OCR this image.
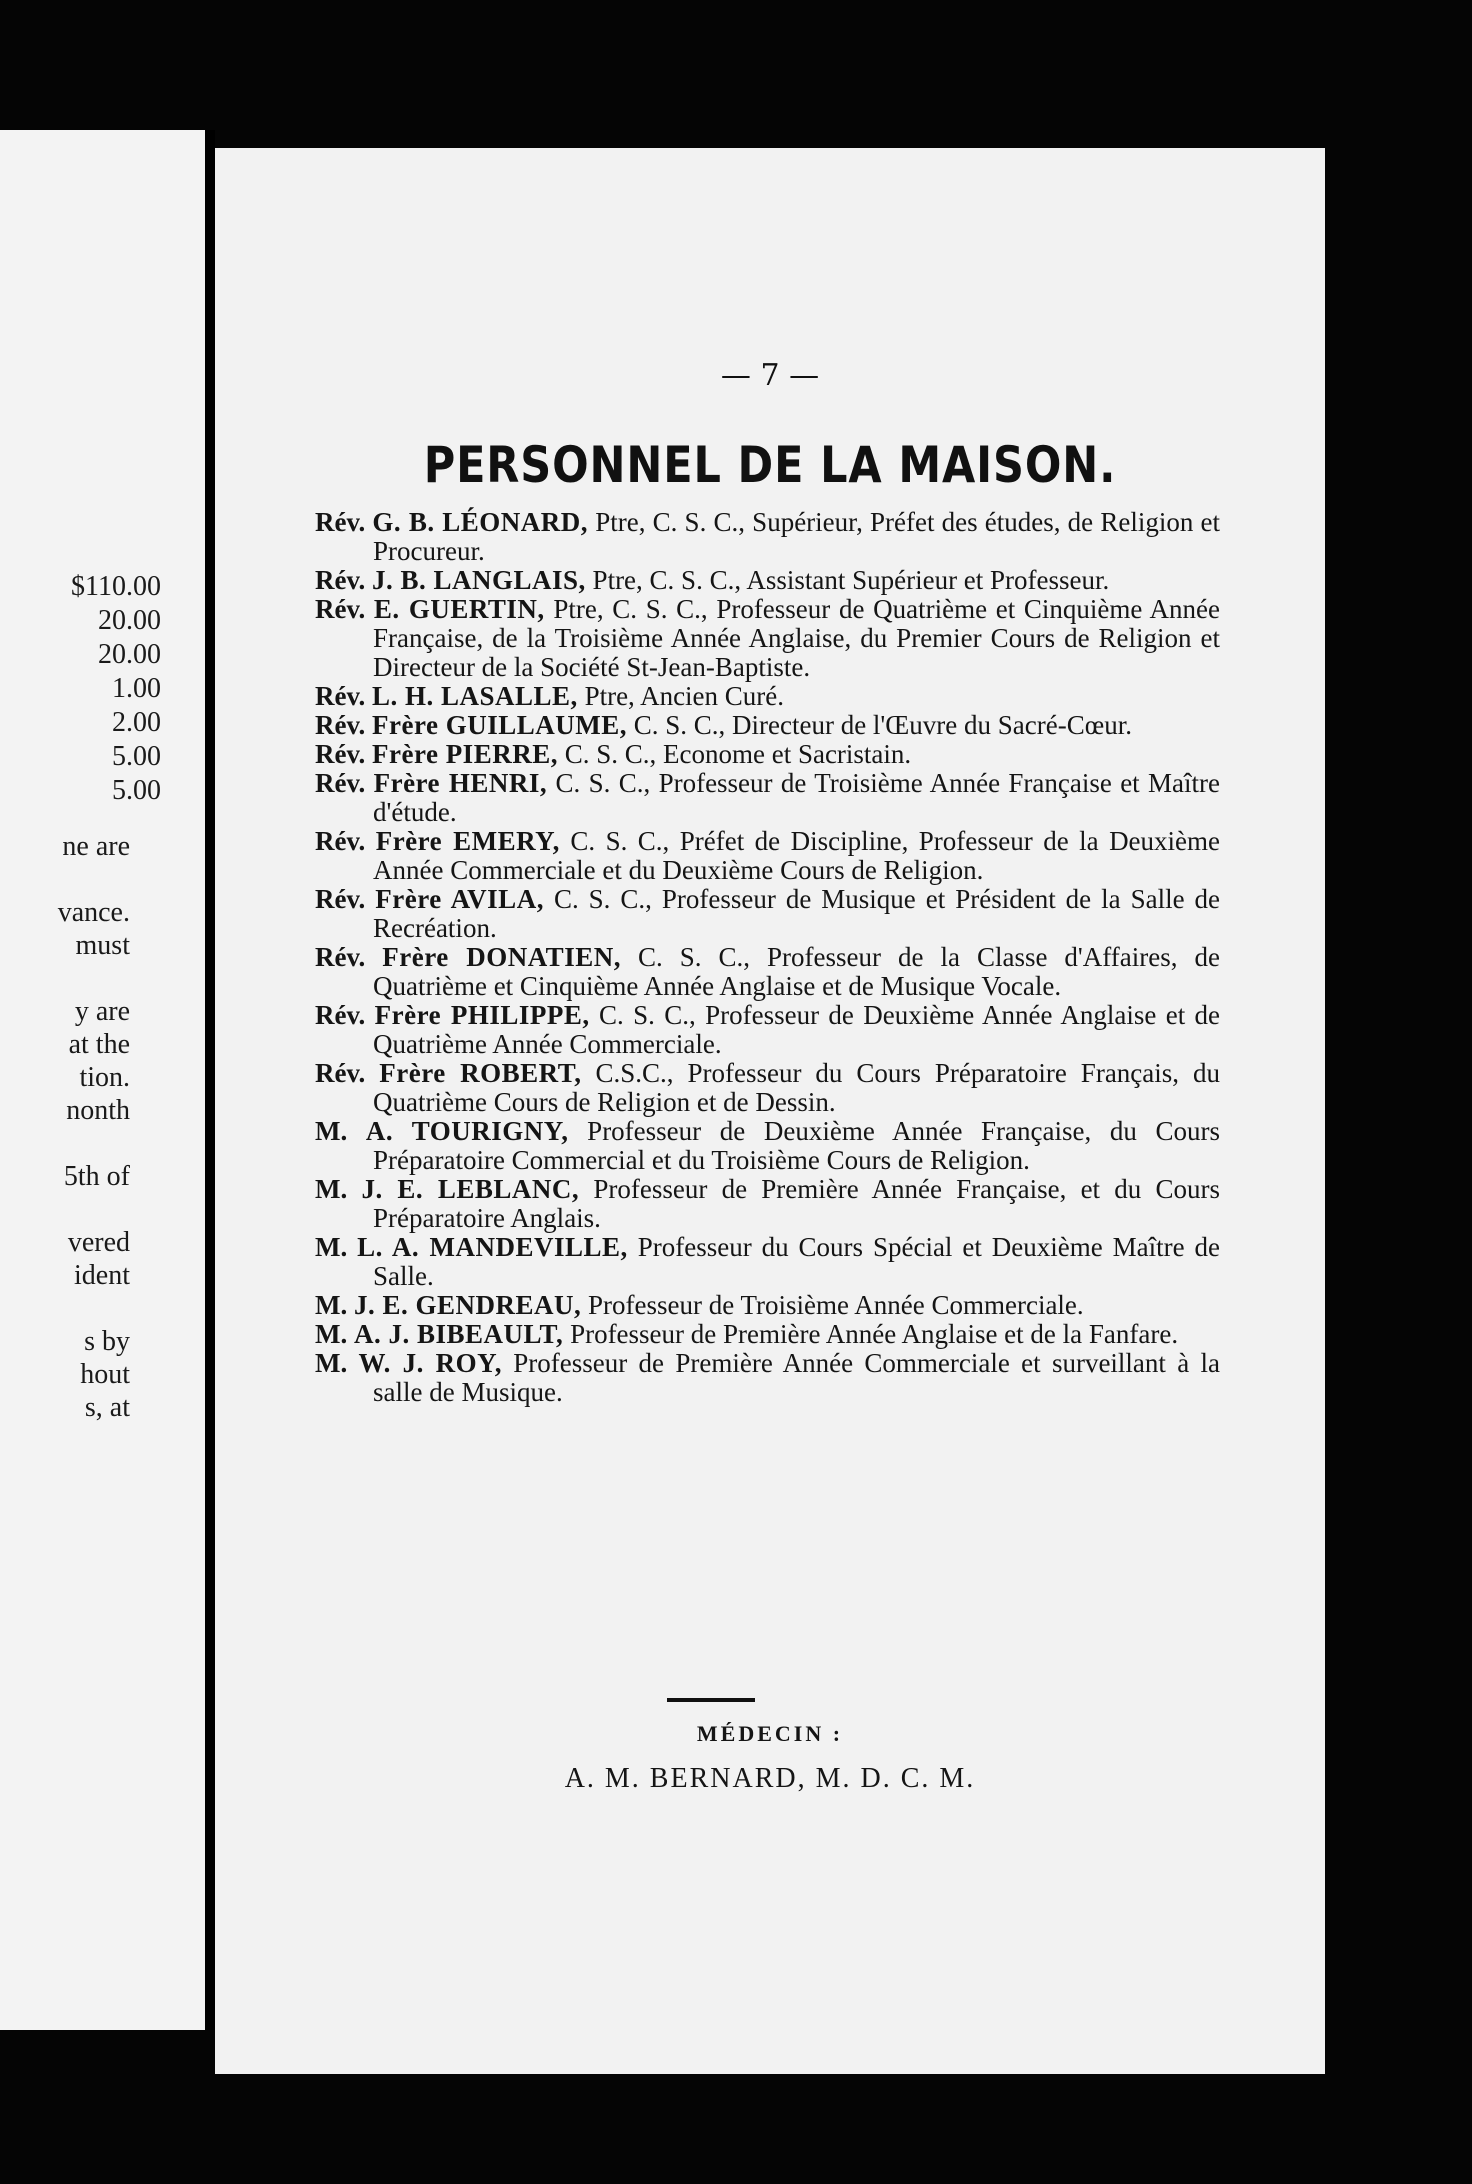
$110.00
20.00
20.00
1.00
2.00
5.00
5.00
ne are

vance.
must

y are
at the
tion.
nonth

5th of

vered
ident

s by
hout
s, at
— 7 —
PERSONNEL DE LA MAISON.
Rév. G. B. LÉONARD, Ptre, C. S. C., Supérieur, Préfet des études, de Religion et Procureur.
Rév. J. B. LANGLAIS, Ptre, C. S. C., Assistant Supérieur et Professeur.
Rév. E. GUERTIN, Ptre, C. S. C., Professeur de Quatrième et Cinquième Année Française, de la Troisième Année Anglaise, du Premier Cours de Religion et Directeur de la Société St-Jean-Baptiste.
Rév. L. H. LASALLE, Ptre, Ancien Curé.
Rév. Frère GUILLAUME, C. S. C., Directeur de l'Œuvre du Sacré-Cœur.
Rév. Frère PIERRE, C. S. C., Econome et Sacristain.
Rév. Frère HENRI, C. S. C., Professeur de Troisième Année Française et Maître d'étude.
Rév. Frère EMERY, C. S. C., Préfet de Discipline, Professeur de la Deuxième Année Commerciale et du Deuxième Cours de Religion.
Rév. Frère AVILA, C. S. C., Professeur de Musique et Président de la Salle de Recréation.
Rév. Frère DONATIEN, C. S. C., Professeur de la Classe d'Affaires, de Quatrième et Cinquième Année Anglaise et de Musique Vocale.
Rév. Frère PHILIPPE, C. S. C., Professeur de Deuxième Année Anglaise et de Quatrième Année Commerciale.
Rév. Frère ROBERT, C.S.C., Professeur du Cours Préparatoire Français, du Quatrième Cours de Religion et de Dessin.
M. A. TOURIGNY, Professeur de Deuxième Année Française, du Cours Préparatoire Commercial et du Troisième Cours de Religion.
M. J. E. LEBLANC, Professeur de Première Année Française, et du Cours Préparatoire Anglais.
M. L. A. MANDEVILLE, Professeur du Cours Spécial et Deuxième Maître de Salle.
M. J. E. GENDREAU, Professeur de Troisième Année Commerciale.
M. A. J. BIBEAULT, Professeur de Première Année Anglaise et de la Fanfare.
M. W. J. ROY, Professeur de Première Année Commerciale et surveillant à la salle de Musique.
MÉDECIN :
A. M. BERNARD, M. D. C. M.
